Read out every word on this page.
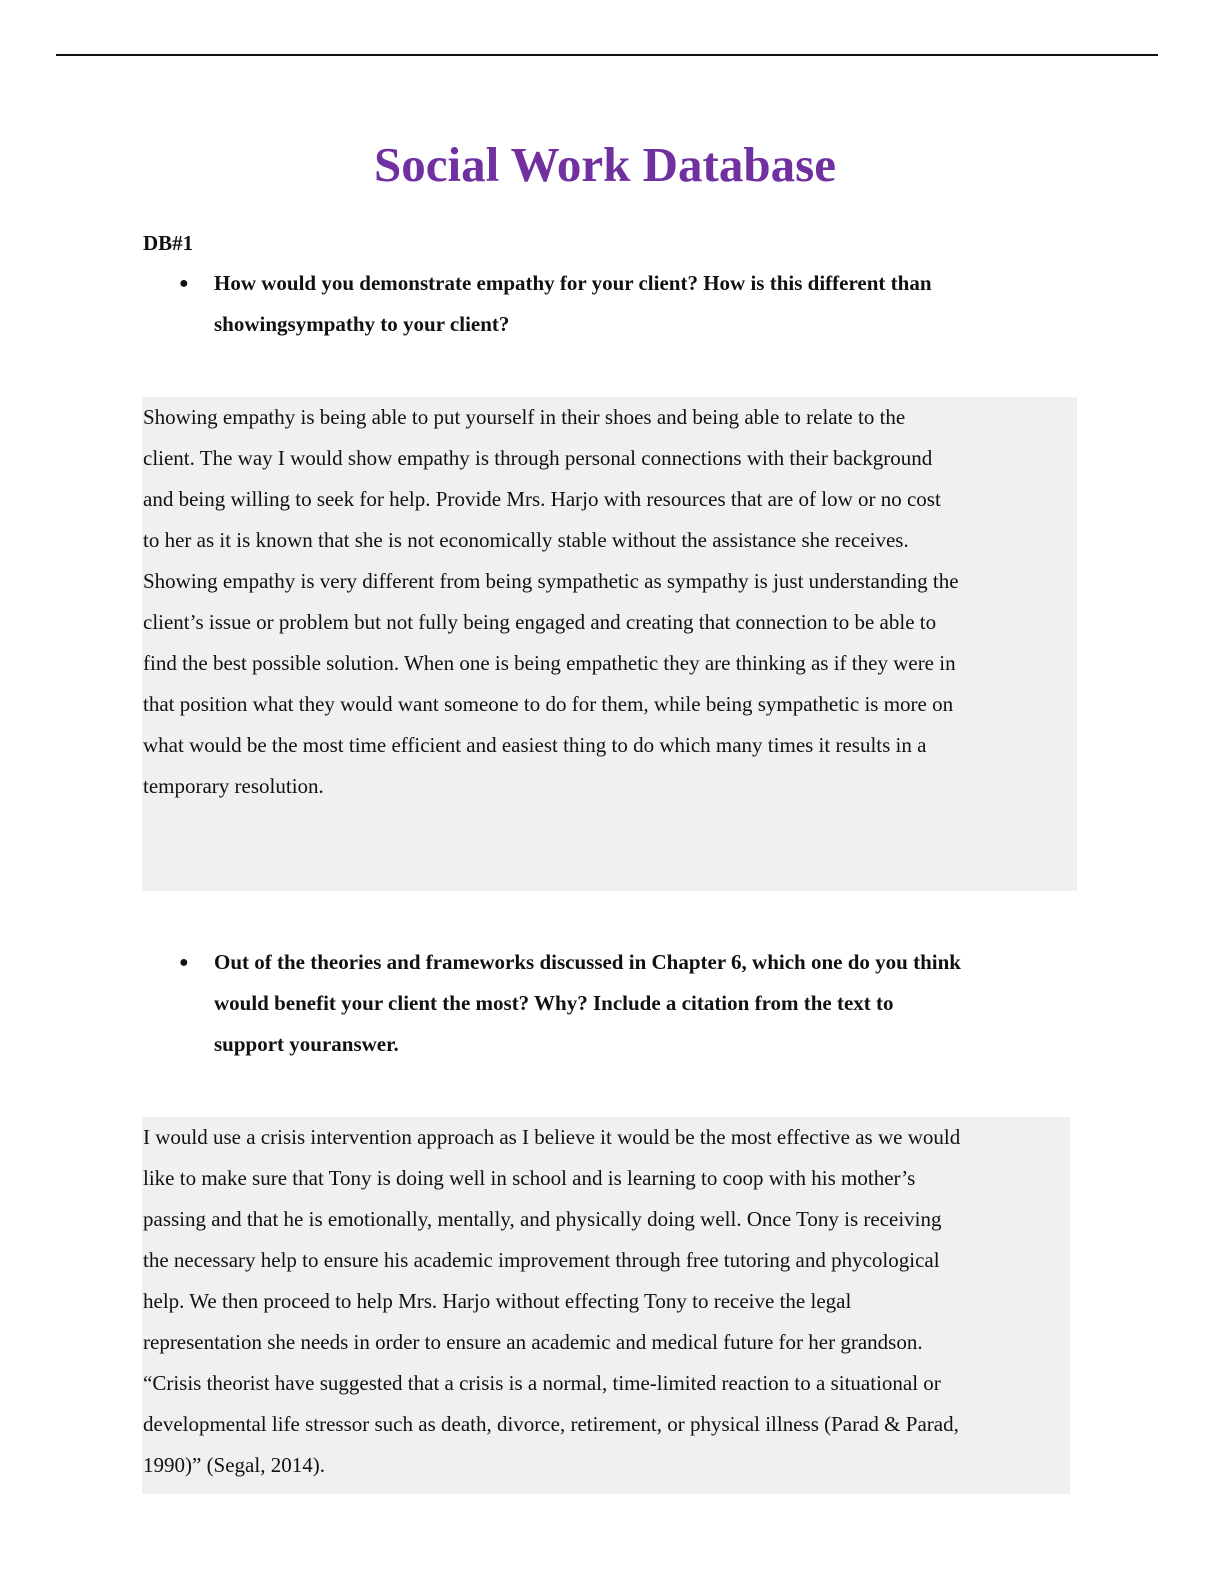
Social Work Database
DB#1
● How would you demonstrate empathy for your client? How is this different than
showingsympathy to your client?
Showing empathy is being able to put yourself in their shoes and being able to relate to the
client. The way I would show empathy is through personal connections with their background
and being willing to seek for help. Provide Mrs. Harjo with resources that are of low or no cost
to her as it is known that she is not economically stable without the assistance she receives.
Showing empathy is very different from being sympathetic as sympathy is just understanding the
client’s issue or problem but not fully being engaged and creating that connection to be able to
find the best possible solution. When one is being empathetic they are thinking as if they were in
that position what they would want someone to do for them, while being sympathetic is more on
what would be the most time efficient and easiest thing to do which many times it results in a
temporary resolution.
● Out of the theories and frameworks discussed in Chapter 6, which one do you think
would benefit your client the most? Why? Include a citation from the text to
support youranswer.
I would use a crisis intervention approach as I believe it would be the most effective as we would
like to make sure that Tony is doing well in school and is learning to coop with his mother’s
passing and that he is emotionally, mentally, and physically doing well. Once Tony is receiving
the necessary help to ensure his academic improvement through free tutoring and phycological
help. We then proceed to help Mrs. Harjo without effecting Tony to receive the legal
representation she needs in order to ensure an academic and medical future for her grandson.
“Crisis theorist have suggested that a crisis is a normal, time-limited reaction to a situational or
developmental life stressor such as death, divorce, retirement, or physical illness (Parad & Parad,
1990)” (Segal, 2014).
